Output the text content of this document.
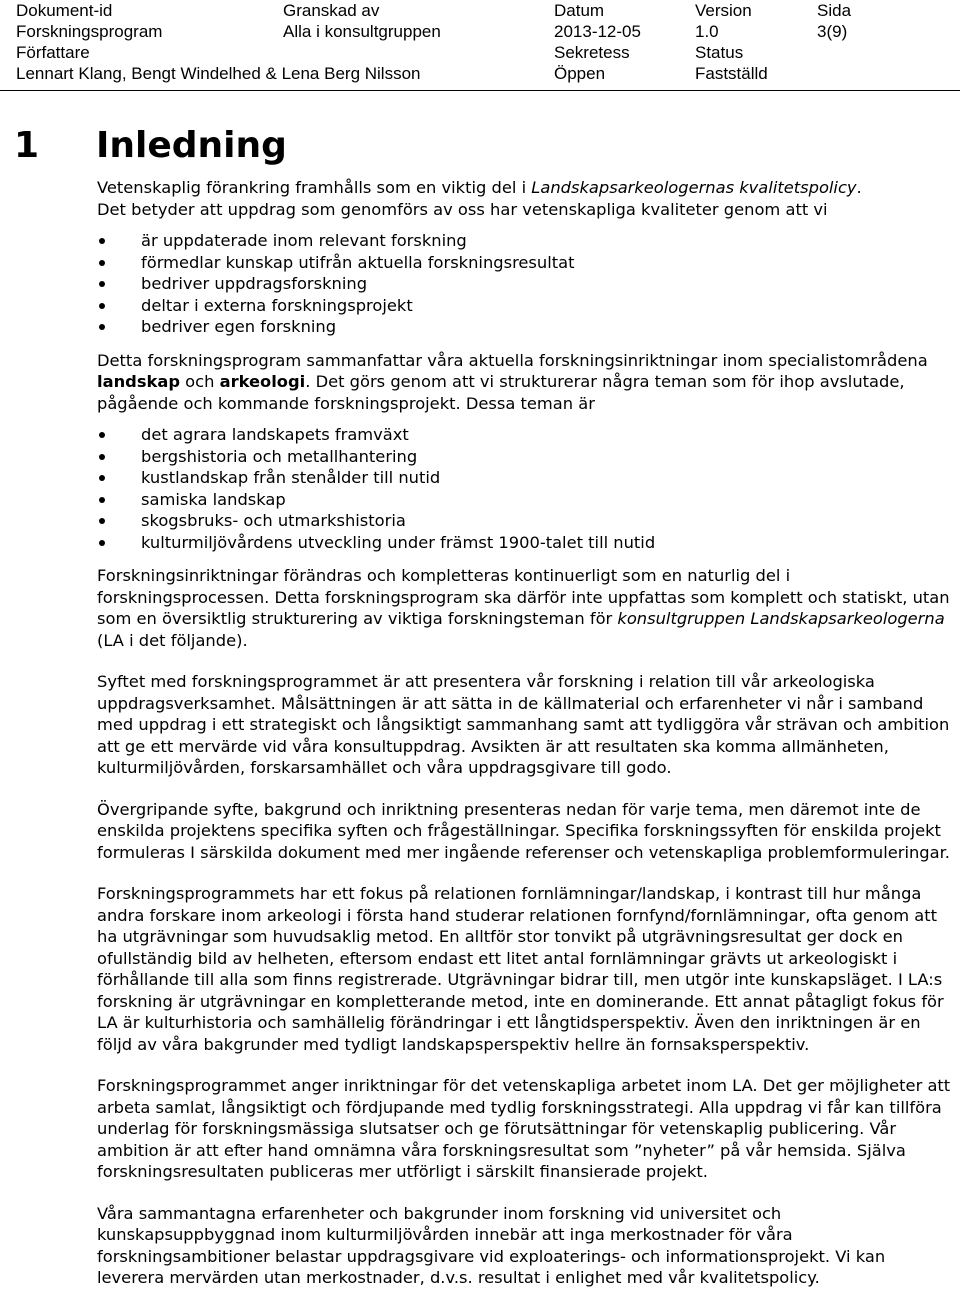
Dokument-id
Forskningsprogram
Granskad av
Alla i konsultgruppen
Datum
2013-12-05
Version
1.0
Sida
3(9)
Författare
Lennart Klang, Bengt Windelhed & Lena Berg Nilsson
Sekretess
Öppen
Status
Fastställd
1 Inledning

Vetenskaplig förankring framhålls som en viktig del i Landskapsarkeologernas kvalitetspolicy.
Det betyder att uppdrag som genomförs av oss har vetenskapliga kvaliteter genom att vi

är uppdaterade inom relevant forskning
förmedlar kunskap utifrån aktuella forskningsresultat
bedriver uppdragsforskning
deltar i externa forskningsprojekt
bedriver egen forskning

Detta forskningsprogram sammanfattar våra aktuella forskningsinriktningar inom specialistområdena landskap och arkeologi. Det görs genom att vi strukturerar några teman som för ihop avslutade, pågående och kommande forskningsprojekt. Dessa teman är

det agrara landskapets framväxt
bergshistoria och metallhantering
kustlandskap från stenålder till nutid
samiska landskap
skogsbruks- och utmarkshistoria
kulturmiljövårdens utveckling under främst 1900-talet till nutid

Forskningsinriktningar förändras och kompletteras kontinuerligt som en naturlig del i forskningsprocessen. Detta forskningsprogram ska därför inte uppfattas som komplett och statiskt, utan som en översiktlig strukturering av viktiga forskningsteman för konsultgruppen Landskapsarkeologerna (LA i det följande).

Syftet med forskningsprogrammet är att presentera vår forskning i relation till vår arkeologiska uppdragsverksamhet. Målsättningen är att sätta in de källmaterial och erfarenheter vi når i samband med uppdrag i ett strategiskt och långsiktigt sammanhang samt att tydliggöra vår strävan och ambition att ge ett mervärde vid våra konsultuppdrag. Avsikten är att resultaten ska komma allmänheten, kulturmiljövården, forskarsamhället och våra uppdragsgivare till godo.

Övergripande syfte, bakgrund och inriktning presenteras nedan för varje tema, men däremot inte de enskilda projektens specifika syften och frågeställningar. Specifika forskningssyften för enskilda projekt formuleras I särskilda dokument med mer ingående referenser och vetenskapliga problemformuleringar.

Forskningsprogrammets har ett fokus på relationen fornlämningar/landskap, i kontrast till hur många andra forskare inom arkeologi i första hand studerar relationen fornfynd/fornlämningar, ofta genom att ha utgrävningar som huvudsaklig metod. En alltför stor tonvikt på utgrävningsresultat ger dock en ofullständig bild av helheten, eftersom endast ett litet antal fornlämningar grävts ut arkeologiskt i förhållande till alla som finns registrerade. Utgrävningar bidrar till, men utgör inte kunskapsläget. I LA:s forskning är utgrävningar en kompletterande metod, inte en dominerande. Ett annat påtagligt fokus för LA är kulturhistoria och samhällelig förändringar i ett långtidsperspektiv. Även den inriktningen är en följd av våra bakgrunder med tydligt landskapsperspektiv hellre än fornsaksperspektiv.

Forskningsprogrammet anger inriktningar för det vetenskapliga arbetet inom LA. Det ger möjligheter att arbeta samlat, långsiktigt och fördjupande med tydlig forskningsstrategi. Alla uppdrag vi får kan tillföra underlag för forskningsmässiga slutsatser och ge förutsättningar för vetenskaplig publicering. Vår ambition är att efter hand omnämna våra forskningsresultat som ”nyheter” på vår hemsida. Själva forskningsresultaten publiceras mer utförligt i särskilt finansierade projekt.

Våra sammantagna erfarenheter och bakgrunder inom forskning vid universitet och kunskapsuppbyggnad inom kulturmiljövården innebär att inga merkostnader för våra forskningsambitioner belastar uppdragsgivare vid exploaterings- och informationsprojekt. Vi kan leverera mervärden utan merkostnader, d.v.s. resultat i enlighet med vår kvalitetspolicy.
